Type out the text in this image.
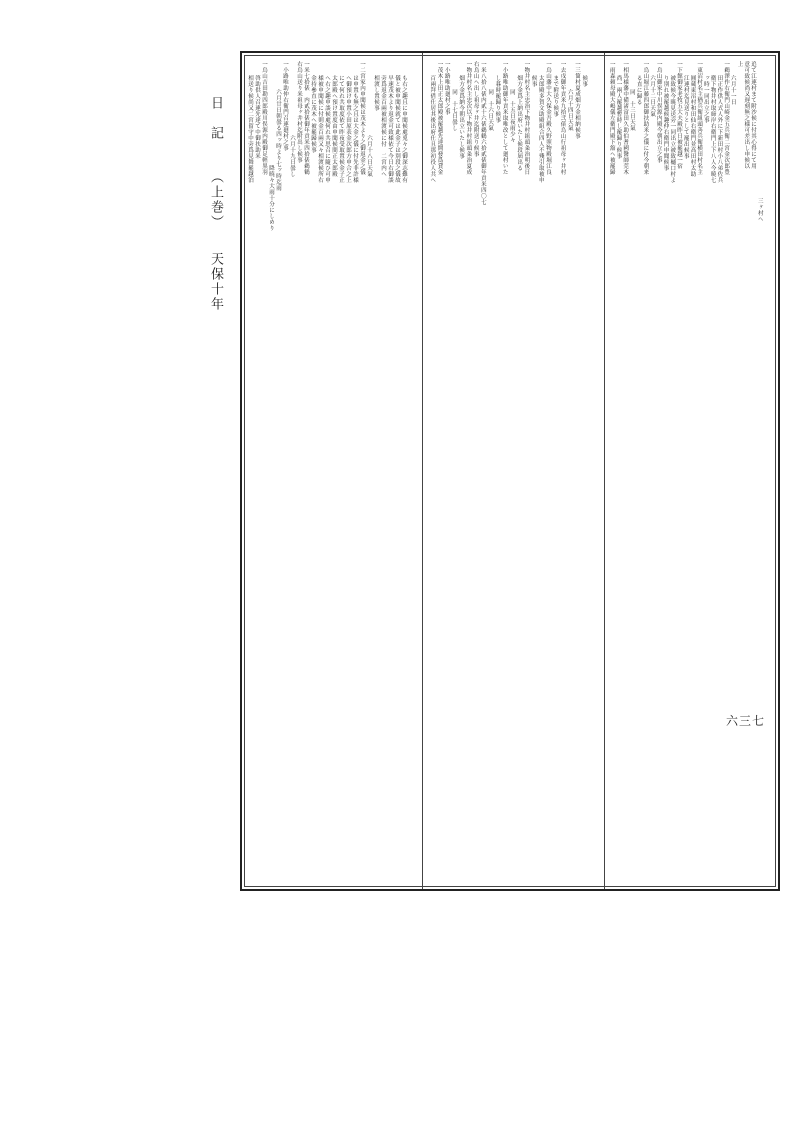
日　記
（上巻）
天保十年
六三七
三ヶ村へ
追て江連村まて附沙候に付其心得にて用
意可致候尚又遅刻無之様可差出し申候以
上
六月十一日
一鵜澤作右衛門山崎金五兵衛二宮金次郎豊
田正作供人式人外に下新田村小八弟佐兵
衛下物井村取締岸右衛門上下八人今暁七
ッ時一同出立之事
一東沼村名主猶兵衛組頭善兵衛横田村名主
圓蔵東沼村和田仙右衛門並高田村太助
江連村迄見送りとして罷出候事
一下館御家老牧五大夫殿昨日被罷越一宿
被致候今暁見送旁一同出立被致樋口村よ
り別れ被罷越候趣仲右衛門申聞候事
一烏山御家中川俣源内殿今朝出立之事
六月十二日天氣
一烏山堀江藤四郎御扶助米之儀に付今朝来
る直に歸る
同　十三日天氣
一相馬様藩中備渚富田久助伯耆國醫師莞木
尚一兩人罷越暫時し罷歸り候事
一雨森頼母殿大嶋儀左衛門殿下舘へ被罷歸
候事
一三箇村夏成畑方金相納候事
六月十四日天氣
一去戌御年貢米九拾弐俵烏山行祖母ヶ井村
まで附送り候事
一烏山藩中大久保金吾殿久野照物殿堀江良
太郎殿多賀文助殿組合四人不殘引取被申
候事
一物井村名主忠治下物井村組頭粂治明後日
畑方金爲上納出府いたし候段屆出る
同　十五日夜雨少々
一小路唯助御年貢米取唯改として廻村いた
し暮時罷歸り候事
同　十六日天氣
一米八拾八俵内貳十六俵鵜鶴六拾貳俵御年貢米四〇七
右烏山へ出し祖母ヶ井迄附送り候事
一物井村名主忠次以下物井村組頭粂治夏成
畑方金爲納今朝出立いたし候事
同　十七日曇し
一小路唯助廻村之事
一茂木上田正太郎殿被罷越先達開發爲貸金
百兩拜借仕居其後出府仕且那初役人共へ
も右之趣且に申聞候處兎々之御深志難有
儀と被申聞候就ては此金子は別段之儀故
早速茂木より返金可致様依て今日右御談
旁爲返金百兩被相渡候に付　二宮内へ
相渡し置候事
六月十八日天氣
一二宮家內申聞候は茂木より之御返金之儀
は申置も無之且は大金之儀に付先非許様
へ御預け申置小田原表金次郎方申合之上
にて何れ共取度依て昨夜受取置候金子正
太郎殿へ預け置度由申聞候間正太郎殿
へ右之趣申談候處何れ共思召に隨ひ可申
様被申聞候に付則金百兩又々相渡候所右
金持參直に茂木へ被罷歸候事
一米七拾俵　内貳拾俵御年貢米四拾俵鵜鶴
右烏山送り米祖母ヶ井村迄附出し候事
六月十九日曇し
一小路唯助仲右衛門召連廻村之事
六月廿日朝曇る四ッ時より七ッ時迄雨
降暁々大雨十分にしめり
一烏山吉田勘四郎殿川俣源内殿御足輕黒羽
啓助供人召連先達て中御扶助米
相送り候尚又二宮留守中旁爲見舞罷越泊
